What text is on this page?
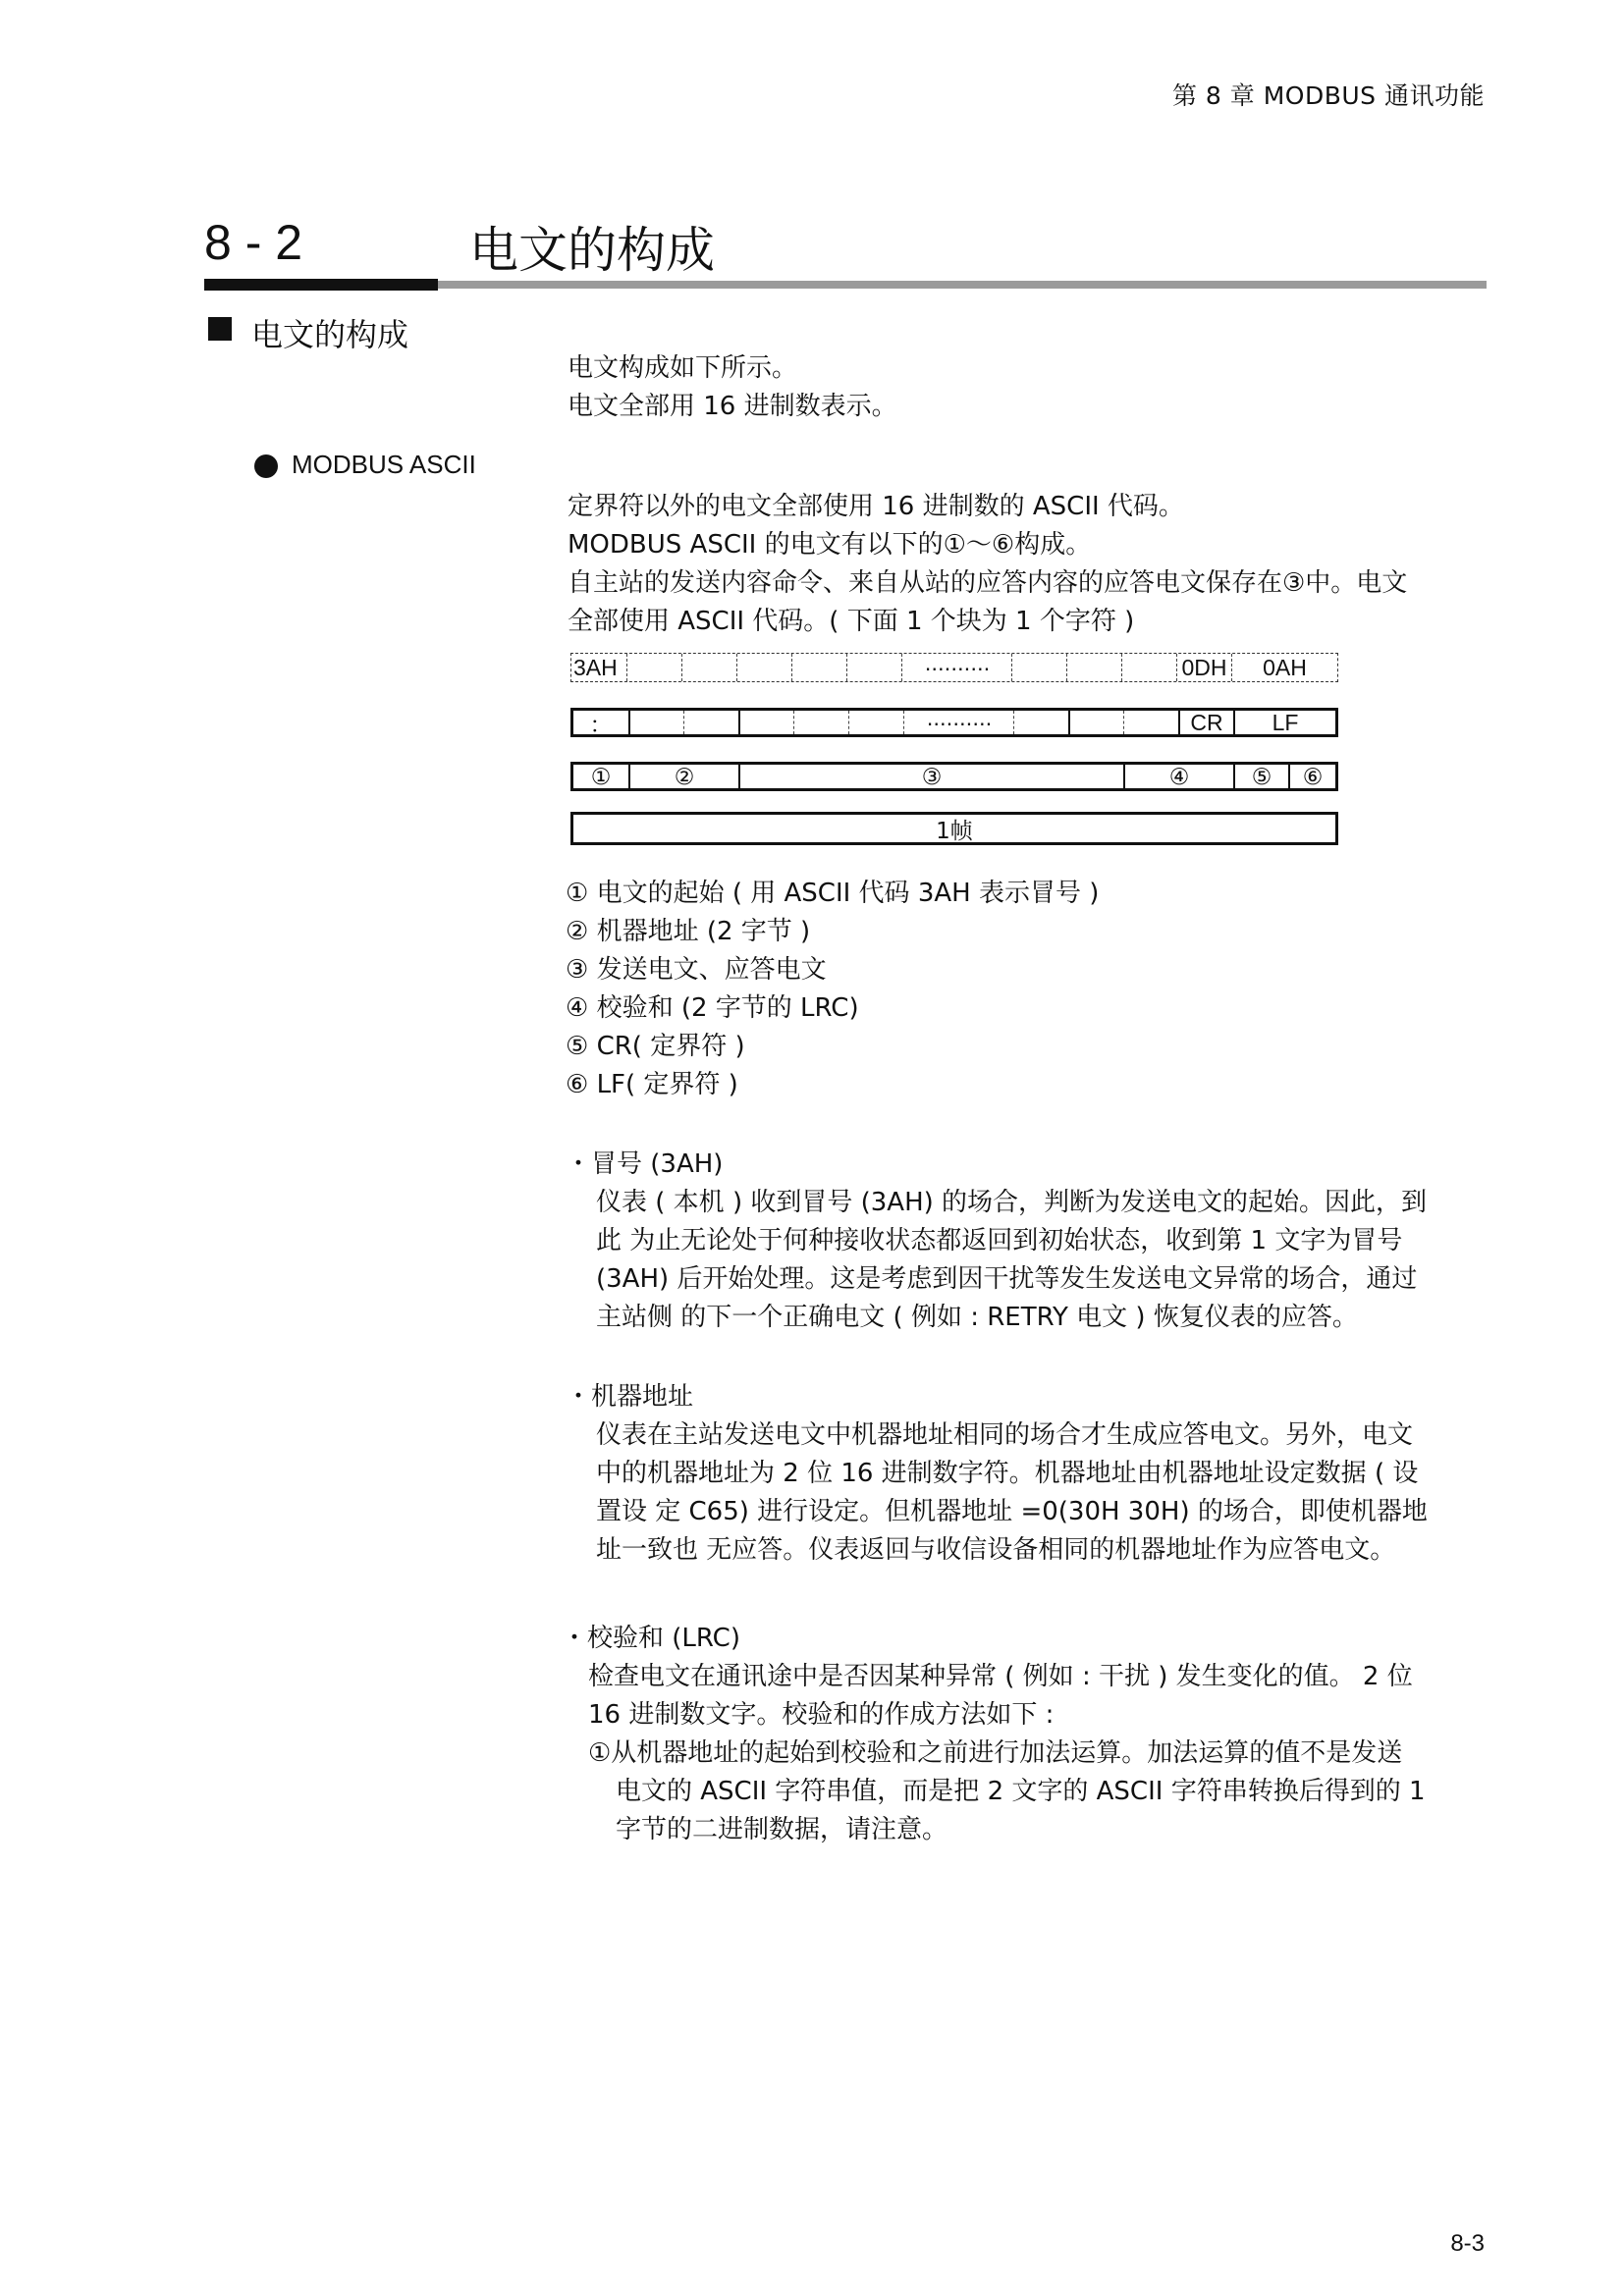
第 8 章 MODBUS 通讯功能
8 - 2	电文的构成
电文的构成
电文构成如下所示。
电文全部用 16 进制数表示。
MODBUS ASCII
定界符以外的电文全部使用 16 进制数的 ASCII 代码。
MODBUS ASCII 的电文有以下的①～⑥构成。
自主站的发送内容命令、来自从站的应答内容的应答电文保存在③中。电文
全部使用 ASCII 代码。( 下面 1 个块为 1 个字符 )
3AH	··········	0DH	0AH
：	··········	CR	LF
①	②	③	④	⑤	⑥
1帧
① 电文的起始 ( 用 ASCII 代码 3AH 表示冒号 )
② 机器地址 (2 字节 )
③ 发送电文、应答电文
④ 校验和 (2 字节的 LRC)
⑤ CR( 定界符 )
⑥ LF( 定界符 )
・冒号 (3AH)
仪表 ( 本机 ) 收到冒号 (3AH) 的场合，判断为发送电文的起始。因此，到
此 为止无论处于何种接收状态都返回到初始状态，收到第 1 文字为冒号
(3AH) 后开始处理。这是考虑到因干扰等发生发送电文异常的场合，通过
主站侧 的下一个正确电文 ( 例如 : RETRY 电文 ) 恢复仪表的应答。
・机器地址
仪表在主站发送电文中机器地址相同的场合才生成应答电文。另外，电文
中的机器地址为 2 位 16 进制数字符。机器地址由机器地址设定数据 ( 设
置设 定 C65) 进行设定。但机器地址 =0(30H 30H) 的场合，即使机器地
址一致也 无应答。仪表返回与收信设备相同的机器地址作为应答电文。
・校验和 (LRC)
检查电文在通讯途中是否因某种异常 ( 例如 : 干扰 ) 发生变化的值。 2 位
16 进制数文字。校验和的作成方法如下 :
①从机器地址的起始到校验和之前进行加法运算。加法运算的值不是发送
电文的 ASCII 字符串值，而是把 2 文字的 ASCII 字符串转换后得到的 1
字节的二进制数据，请注意。
8-3
